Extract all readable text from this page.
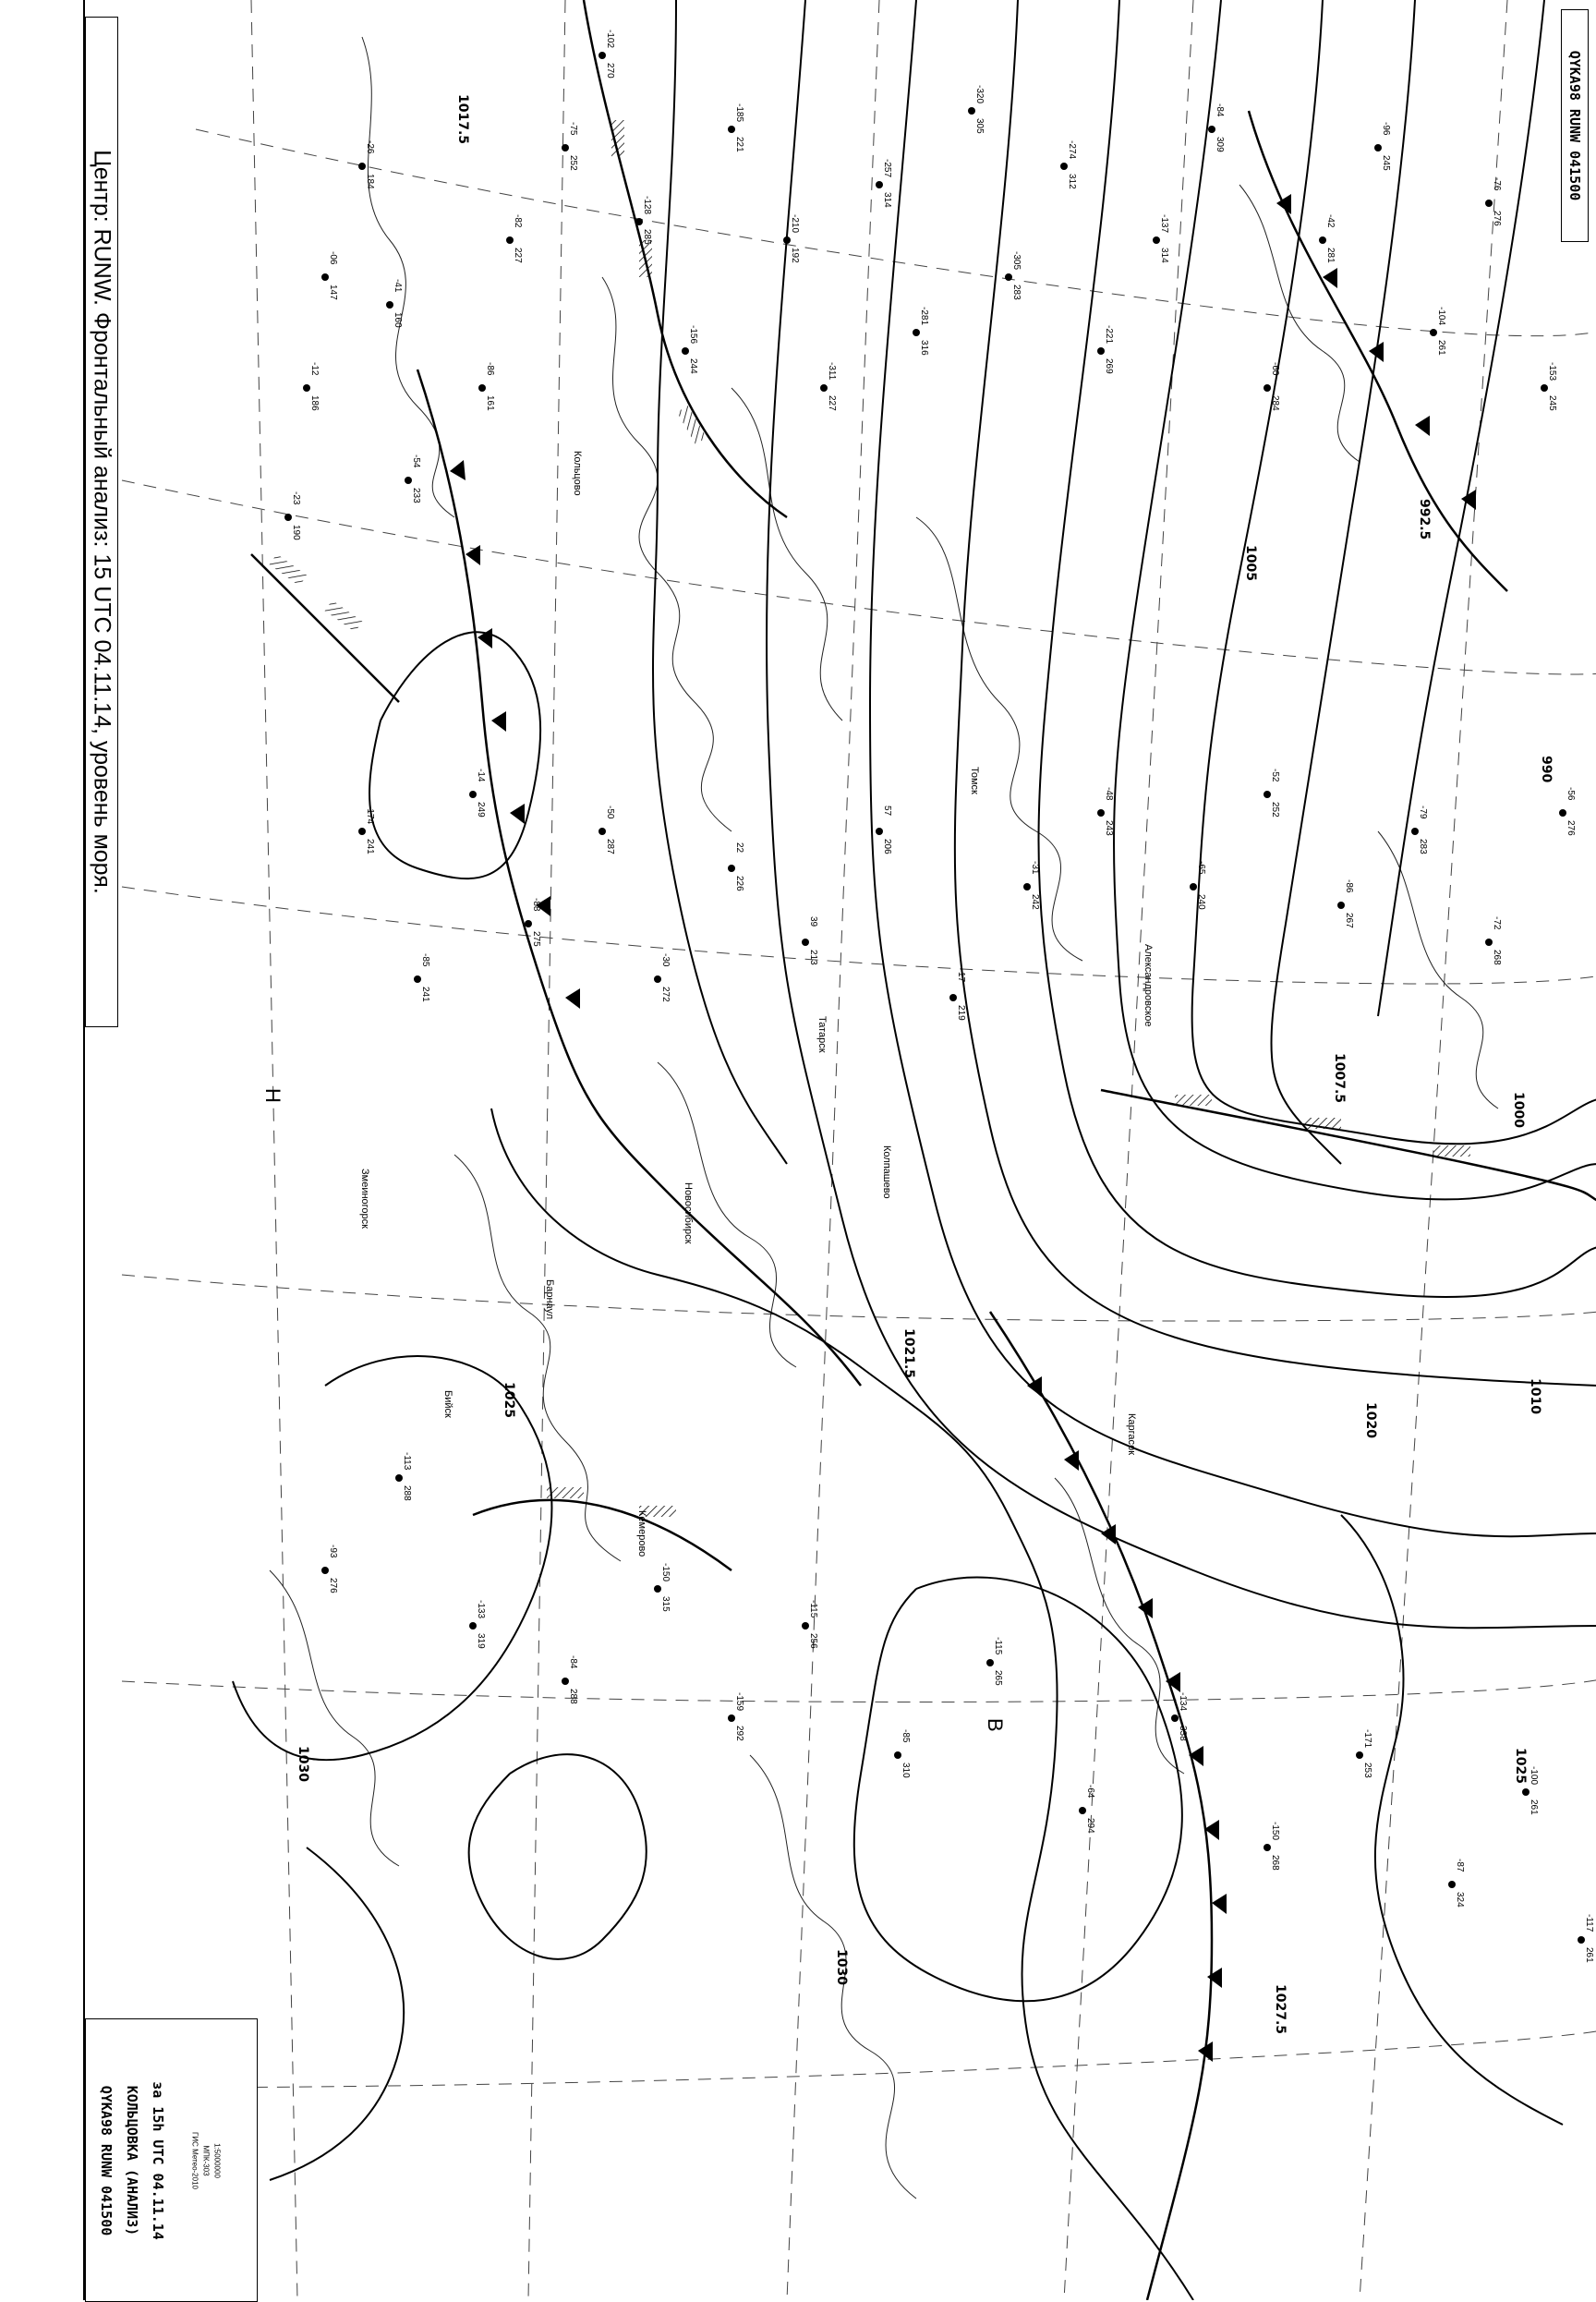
990
992.5
1000
1005
1007.5
1010
1020
1025
1025
1027.5
1030
1030
1017.5
1021.5
Н
В
Кольцово
Новосибирск
Томск
Барнаул
Змеиногорск	Колпашево
Александровское
Бийск
Татарск
Каргасок
Кемерово
-06
147
-12
186
-23
190
-26
184
-41
160
-54
233
-86
161
-82
227
-75
252
-102
270
-128
285
-156
244
-185
221
-210
192
-311
227
-257
314
-281
316
-320
305
-305
283
-274
312
-221
269
-137
314
-84
309
-60
284
-42
281
-96
245
-104
261
-76
276
-153
245
-174
241
-85
241
-14
249
-88
275
-50
287
-30
272
22
226
39
213
57
206
17
219
-31
242
-48
243
-65
240
-52
252
-86
267
-79
283
-72
268
-56
276
-93
276
-113
288
-133
319
-84
288
-150
315
-159
292
-115
256
-85
310
-115
265
-64
294
-134
338
-150
268
-171
253
-87
324
-100
261
-117
261
Центр: RUNW. Фронтальный анализ: 15 UTC 04.11.14, уровень моря.
QYKA98 RUNW 041500
QYKA98 RUNW 041500 КОЛЬЦОВКА (АНАЛИЗ) за 15h UTC 04.11.14	ГИС Метео-2010 МПК-303 1:5000000
